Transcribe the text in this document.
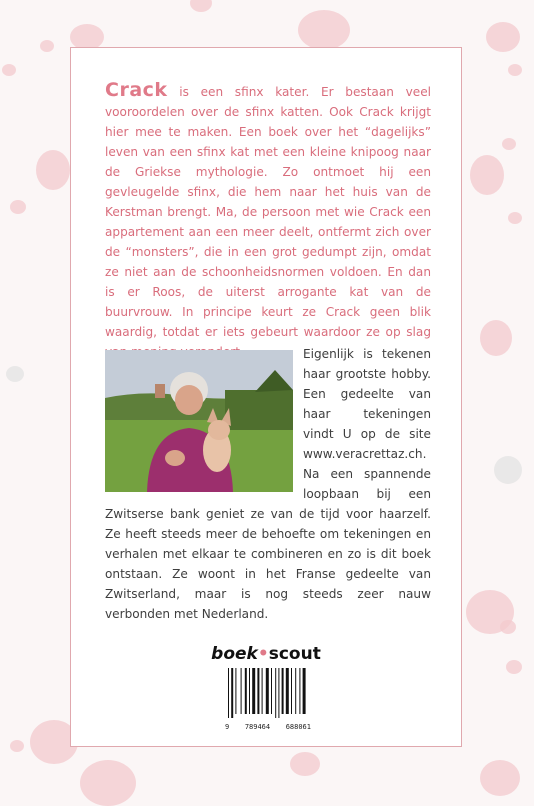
Crack is een sfinx kater. Er bestaan veel vooroordelen over de sfinx katten. Ook Crack krijgt hier mee te maken. Een boek over het “dagelijks” leven van een sfinx kat met een kleine knipoog naar de Griekse mythologie. Zo ontmoet hij een gevleugelde sfinx, die hem naar het huis van de Kerstman brengt. Ma, de persoon met wie Crack een appartement aan een meer deelt, ontfermt zich over de “monsters”, die in een grot gedumpt zijn, omdat ze niet aan de schoonheidsnormen voldoen. En dan is er Roos, de uiterst arrogante kat van de buurvrouw. In principe keurt ze Crack geen blik waardig, totdat er iets gebeurt waardoor ze op slag

Eigenlijk is tekenen haar grootste hobby. Een gedeelte van haar tekeningen vindt U op de site www.veracrettaz.ch. Na een spannende loopbaan bij een Zwitserse bank geniet ze van de tijd voor haarzelf. Ze heeft steeds meer de behoefte om tekeningen en verhalen met elkaar te combineren en zo is dit boek ontstaan. Ze woont in het Franse gedeelte van Zwitserland, maar is nog steeds zeer nauw verbonden met Nederland.

boek•scout
9 789464 688061
